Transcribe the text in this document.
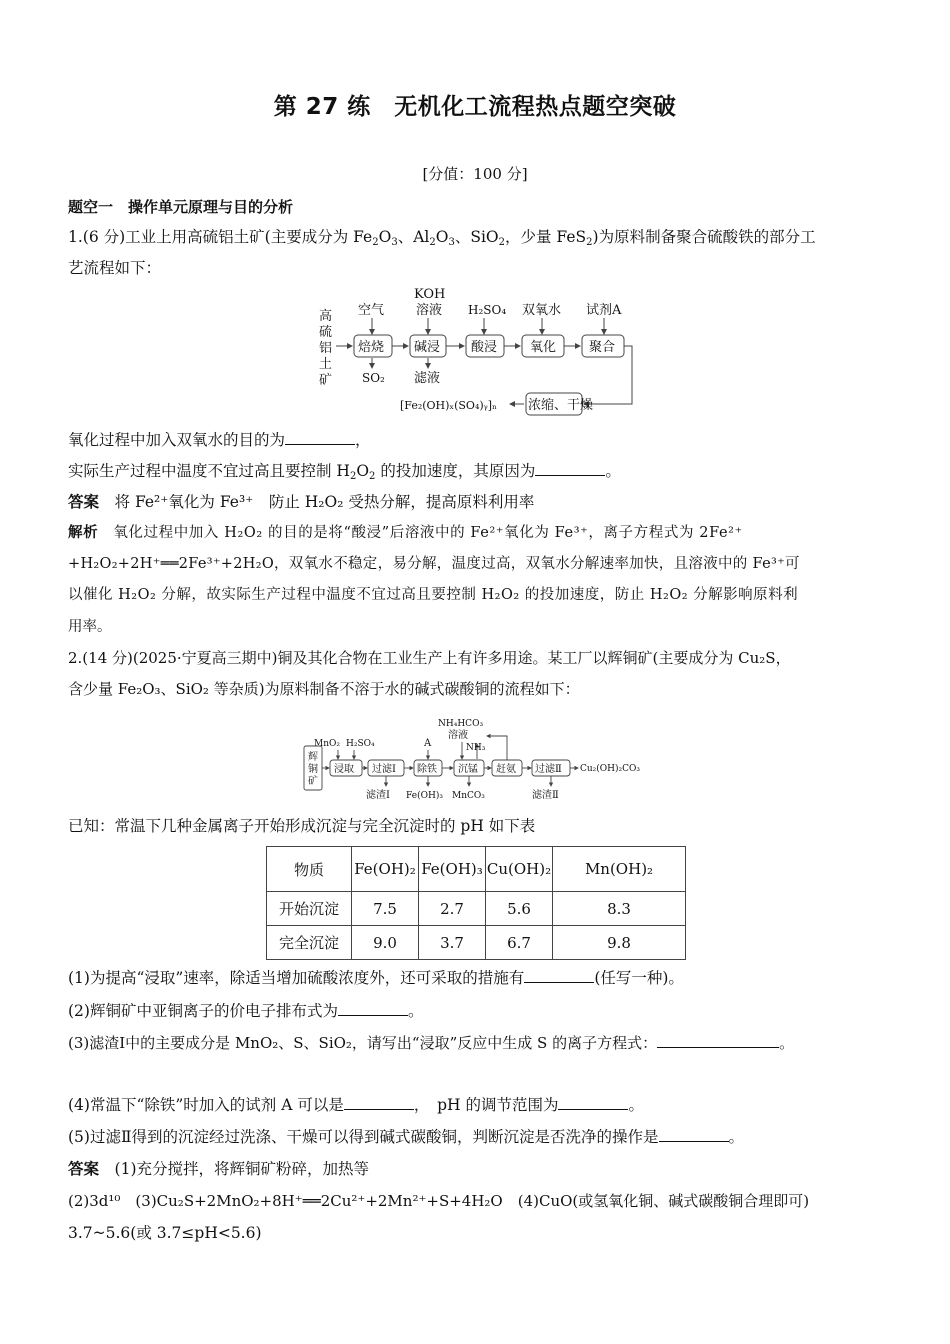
第 27 练　无机化工流程热点题空突破
[分值：100 分]
题空一　操作单元原理与目的分析
1.(6 分)工业上用高硫铝土矿(主要成分为 $Fe_2O_3$、$Al_2O_3$、SiO$_2$，少量 FeS$_2$)为原料制备聚合硫酸铁的部分工
艺流程如下：
高
硫
铝
土
矿
焙烧 碱浸 酸浸	氧化	聚合
浓缩、干燥
空气
KOH
溶液 H₂SO₄ 双氧水 试剂A
SO₂ 滤液
[Fe₂(OH)ₓ(SO₄)ᵧ]ₙ
氧化过程中加入双氧水的目的为	，
实际生产过程中温度不宜过高且要控制 $H_2O_2$ 的投加速度，其原因为	。
答案　 将 Fe²⁺氧化为 Fe³⁺　防止 H₂O₂ 受热分解，提高原料利用率
解析　 氧化过程中加入 H₂O₂ 的目的是将“酸浸”后溶液中的 Fe²⁺氧化为 Fe³⁺，离子方程式为 2Fe²⁺
+H₂O₂+2H⁺══2Fe³⁺+2H₂O，双氧水不稳定，易分解，温度过高，双氧水分解速率加快，且溶液中的 Fe³⁺可
以催化 H₂O₂ 分解，故实际生产过程中温度不宜过高且要控制 H₂O₂ 的投加速度，防止 H₂O₂ 分解影响原料利
用率。
2.(14 分)(2025·宁夏高三期中)铜及其化合物在工业生产上有许多用途。某工厂以辉铜矿(主要成分为 Cu₂S，
含少量 Fe₂O₃、SiO₂ 等杂质)为原料制备不溶于水的碱式碳酸铜的流程如下：
辉
铜
矿
浸取 过滤Ⅰ 除铁 沉锰 赶氨 过滤Ⅱ
MnO₂ H₂SO₄	A
NH₄HCO₃
溶液
NH₃
Cu₂(OH)₂CO₃
滤渣Ⅰ Fe(OH)₃ MnCO₃	滤渣Ⅱ
已知：常温下几种金属离子开始形成沉淀与完全沉淀时的 pH 如下表
物质	Fe(OH)₂	Fe(OH)₃	Cu(OH)₂	Mn(OH)₂
开始沉淀	7.5	2.7	5.6	8.3
完全沉淀	9.0	3.7	6.7	9.8
(1)为提高“浸取”速率，除适当增加硫酸浓度外，还可采取的措施有	(任写一种)。
(2)辉铜矿中亚铜离子的价电子排布式为	。
(3)滤渣Ⅰ中的主要成分是 MnO₂、S、SiO₂，请写出“浸取”反应中生成 S 的离子方程式：	。
(4)常温下“除铁”时加入的试剂 A 可以是	，　pH 的调节范围为	。
(5)过滤Ⅱ得到的沉淀经过洗涤、干燥可以得到碱式碳酸铜，判断沉淀是否洗净的操作是	。
答案　 (1)充分搅拌，将辉铜矿粉碎，加热等
(2)3d¹⁰　(3)Cu₂S+2MnO₂+8H⁺══2Cu²⁺+2Mn²⁺+S+4H₂O　(4)CuO(或氢氧化铜、碱式碳酸铜合理即可)
3.7~5.6(或 3.7≤pH<5.6)
